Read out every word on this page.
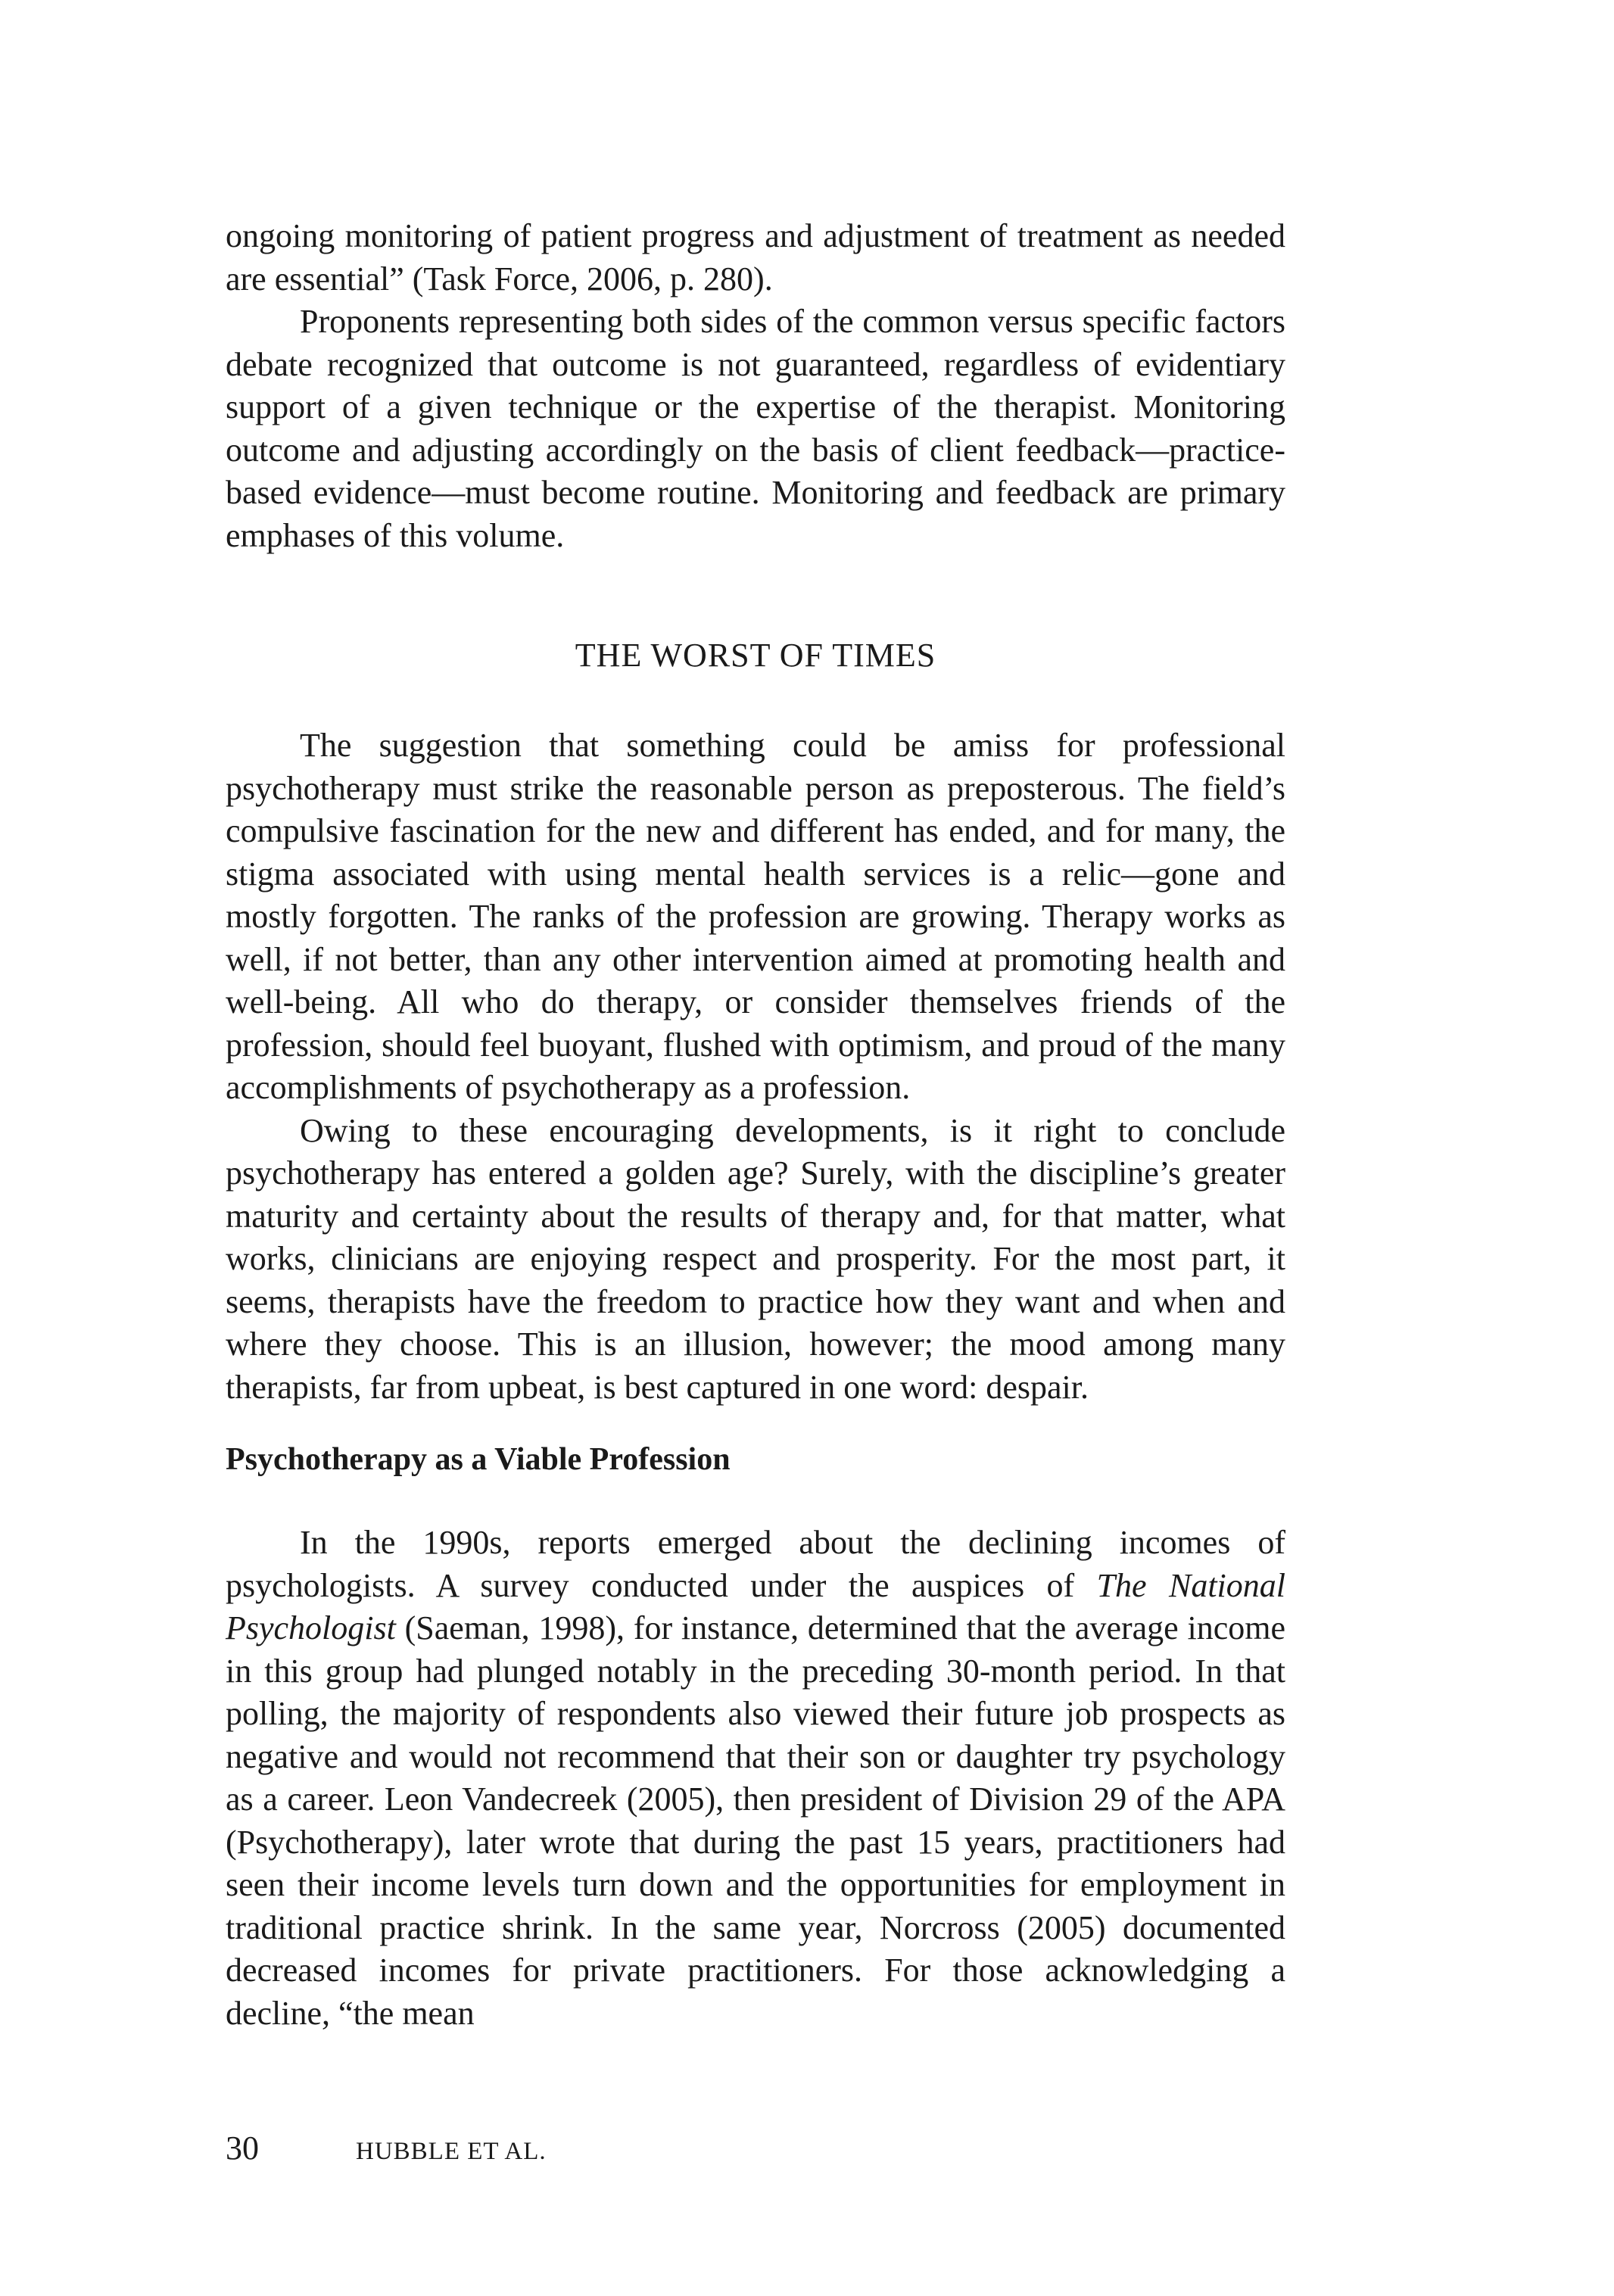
ongoing monitoring of patient progress and adjustment of treatment as needed are essential” (Task Force, 2006, p. 280).

Proponents representing both sides of the common versus specific factors debate recognized that outcome is not guaranteed, regardless of evidentiary support of a given technique or the expertise of the therapist. Monitoring outcome and adjusting accordingly on the basis of client feedback—practice-based evidence—must become routine. Monitoring and feedback are primary emphases of this volume.

THE WORST OF TIMES

The suggestion that something could be amiss for professional psychotherapy must strike the reasonable person as preposterous. The field’s compulsive fascination for the new and different has ended, and for many, the stigma associated with using mental health services is a relic—gone and mostly forgotten. The ranks of the profession are growing. Therapy works as well, if not better, than any other intervention aimed at promoting health and well-being. All who do therapy, or consider themselves friends of the profession, should feel buoyant, flushed with optimism, and proud of the many accomplishments of psychotherapy as a profession.

Owing to these encouraging developments, is it right to conclude psychotherapy has entered a golden age? Surely, with the discipline’s greater maturity and certainty about the results of therapy and, for that matter, what works, clinicians are enjoying respect and prosperity. For the most part, it seems, therapists have the freedom to practice how they want and when and where they choose. This is an illusion, however; the mood among many therapists, far from upbeat, is best captured in one word: despair.

Psychotherapy as a Viable Profession

In the 1990s, reports emerged about the declining incomes of psychologists. A survey conducted under the auspices of The National Psychologist (Saeman, 1998), for instance, determined that the average income in this group had plunged notably in the preceding 30-month period. In that polling, the majority of respondents also viewed their future job prospects as negative and would not recommend that their son or daughter try psychology as a career. Leon Vandecreek (2005), then president of Division 29 of the APA (Psychotherapy), later wrote that during the past 15 years, practitioners had seen their income levels turn down and the opportunities for employment in traditional practice shrink. In the same year, Norcross (2005) documented decreased incomes for private practitioners. For those acknowledging a decline, “the mean

30	HUBBLE ET AL.
